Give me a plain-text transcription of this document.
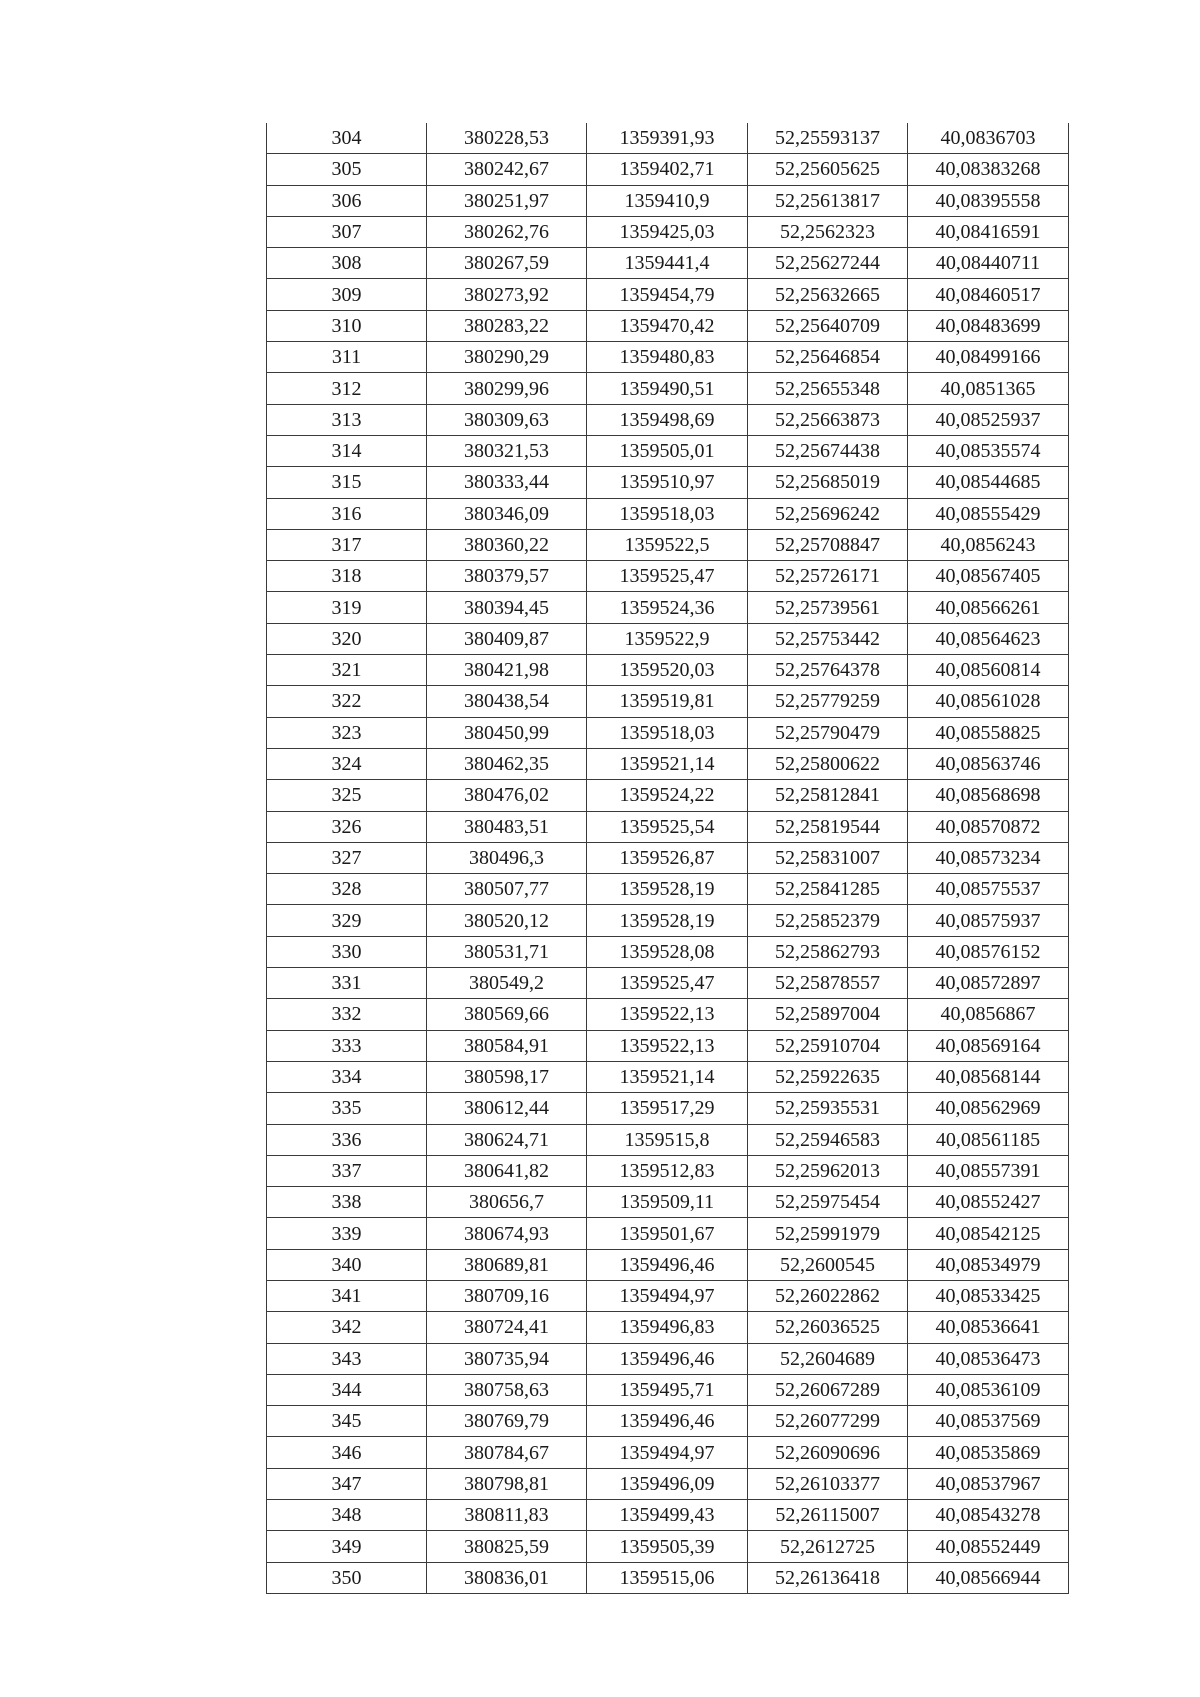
304	380228,53	1359391,93	52,25593137	40,0836703
305	380242,67	1359402,71	52,25605625	40,08383268
306	380251,97	1359410,9	52,25613817	40,08395558
307	380262,76	1359425,03	52,2562323	40,08416591
308	380267,59	1359441,4	52,25627244	40,08440711
309	380273,92	1359454,79	52,25632665	40,08460517
310	380283,22	1359470,42	52,25640709	40,08483699
311	380290,29	1359480,83	52,25646854	40,08499166
312	380299,96	1359490,51	52,25655348	40,0851365
313	380309,63	1359498,69	52,25663873	40,08525937
314	380321,53	1359505,01	52,25674438	40,08535574
315	380333,44	1359510,97	52,25685019	40,08544685
316	380346,09	1359518,03	52,25696242	40,08555429
317	380360,22	1359522,5	52,25708847	40,0856243
318	380379,57	1359525,47	52,25726171	40,08567405
319	380394,45	1359524,36	52,25739561	40,08566261
320	380409,87	1359522,9	52,25753442	40,08564623
321	380421,98	1359520,03	52,25764378	40,08560814
322	380438,54	1359519,81	52,25779259	40,08561028
323	380450,99	1359518,03	52,25790479	40,08558825
324	380462,35	1359521,14	52,25800622	40,08563746
325	380476,02	1359524,22	52,25812841	40,08568698
326	380483,51	1359525,54	52,25819544	40,08570872
327	380496,3	1359526,87	52,25831007	40,08573234
328	380507,77	1359528,19	52,25841285	40,08575537
329	380520,12	1359528,19	52,25852379	40,08575937
330	380531,71	1359528,08	52,25862793	40,08576152
331	380549,2	1359525,47	52,25878557	40,08572897
332	380569,66	1359522,13	52,25897004	40,0856867
333	380584,91	1359522,13	52,25910704	40,08569164
334	380598,17	1359521,14	52,25922635	40,08568144
335	380612,44	1359517,29	52,25935531	40,08562969
336	380624,71	1359515,8	52,25946583	40,08561185
337	380641,82	1359512,83	52,25962013	40,08557391
338	380656,7	1359509,11	52,25975454	40,08552427
339	380674,93	1359501,67	52,25991979	40,08542125
340	380689,81	1359496,46	52,2600545	40,08534979
341	380709,16	1359494,97	52,26022862	40,08533425
342	380724,41	1359496,83	52,26036525	40,08536641
343	380735,94	1359496,46	52,2604689	40,08536473
344	380758,63	1359495,71	52,26067289	40,08536109
345	380769,79	1359496,46	52,26077299	40,08537569
346	380784,67	1359494,97	52,26090696	40,08535869
347	380798,81	1359496,09	52,26103377	40,08537967
348	380811,83	1359499,43	52,26115007	40,08543278
349	380825,59	1359505,39	52,2612725	40,08552449
350	380836,01	1359515,06	52,26136418	40,08566944
